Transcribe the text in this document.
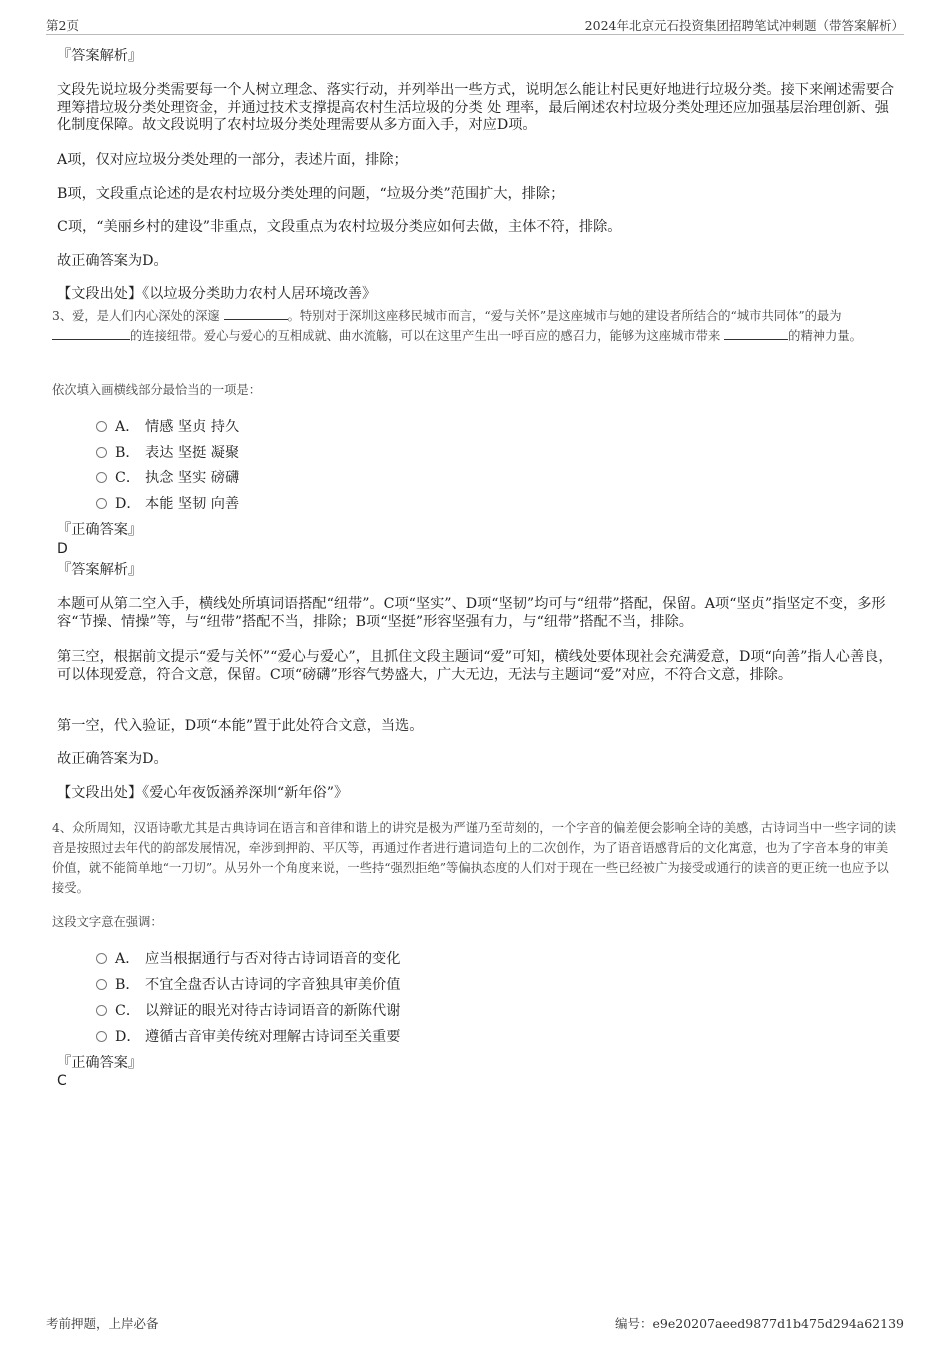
第2页	2024年北京元石投资集团招聘笔试冲刺题（带答案解析）
『答案解析』
文段先说垃圾分类需要每一个人树立理念、落实行动，并列举出一些方式，说明怎么能让村民更好地进行垃圾分类。接下来阐述需要合理筹措垃圾分类处理资金，并通过技术支撑提高农村生活垃圾的分类 处 理率，最后阐述农村垃圾分类处理还应加强基层治理创新、强化制度保障。故文段说明了农村垃圾分类处理需要从多方面入手，对应D项。
A项，仅对应垃圾分类处理的一部分，表述片面，排除；
B项，文段重点论述的是农村垃圾分类处理的问题，“垃圾分类”范围扩大，排除；
C项，“美丽乡村的建设”非重点，文段重点为农村垃圾分类应如何去做，主体不符，排除。
故正确答案为D。
【文段出处】《以垃圾分类助力农村人居环境改善》
3、爱，是人们内心深处的深邃	。特别对于深圳这座移民城市而言，“爱与关怀”是这座城市与她的建设者所结合的“城市共同体”的最为 的连接纽带。爱心与爱心的互相成就、曲水流觞，可以在这里产生出一呼百应的感召力，能够为这座城市带来	的精神力量。
依次填入画横线部分最恰当的一项是：
A． 情感 坚贞 持久
B． 表达 坚挺 凝聚
C． 执念 坚实 磅礴
D． 本能 坚韧 向善
『正确答案』
D
『答案解析』
本题可从第二空入手，横线处所填词语搭配“纽带”。C项“坚实”、D项“坚韧”均可与“纽带”搭配，保留。A项“坚贞”指坚定不变，多形容“节操、情操”等，与“纽带”搭配不当，排除；B项“坚挺”形容坚强有力，与“纽带”搭配不当，排除。
第三空，根据前文提示“爱与关怀”“爱心与爱心”，且抓住文段主题词“爱”可知，横线处要体现社会充满爱意，D项“向善”指人心善良，可以体现爱意，符合文意，保留。C项“磅礴”形容气势盛大，广大无边，无法与主题词“爱”对应，不符合文意，排除。
第一空，代入验证，D项“本能”置于此处符合文意，当选。
故正确答案为D。
【文段出处】《爱心年夜饭涵养深圳“新年俗”》
4、众所周知，汉语诗歌尤其是古典诗词在语言和音律和谐上的讲究是极为严谨乃至苛刻的，一个字音的偏差便会影响全诗的美感，古诗词当中一些字词的读音是按照过去年代的韵部发展情况，牵涉到押韵、平仄等，再通过作者进行遣词造句上的二次创作，为了语音语感背后的文化寓意，也为了字音本身的审美价值，就不能简单地“一刀切”。从另外一个角度来说，一些持“强烈拒绝”等偏执态度的人们对于现在一些已经被广为接受或通行的读音的更正统一也应予以接受。
这段文字意在强调：
A． 应当根据通行与否对待古诗词语音的变化
B． 不宜全盘否认古诗词的字音独具审美价值
C． 以辩证的眼光对待古诗词语音的新陈代谢
D． 遵循古音审美传统对理解古诗词至关重要
『正确答案』
C
考前押题，上岸必备	编号：e9e20207aeed9877d1b475d294a62139
